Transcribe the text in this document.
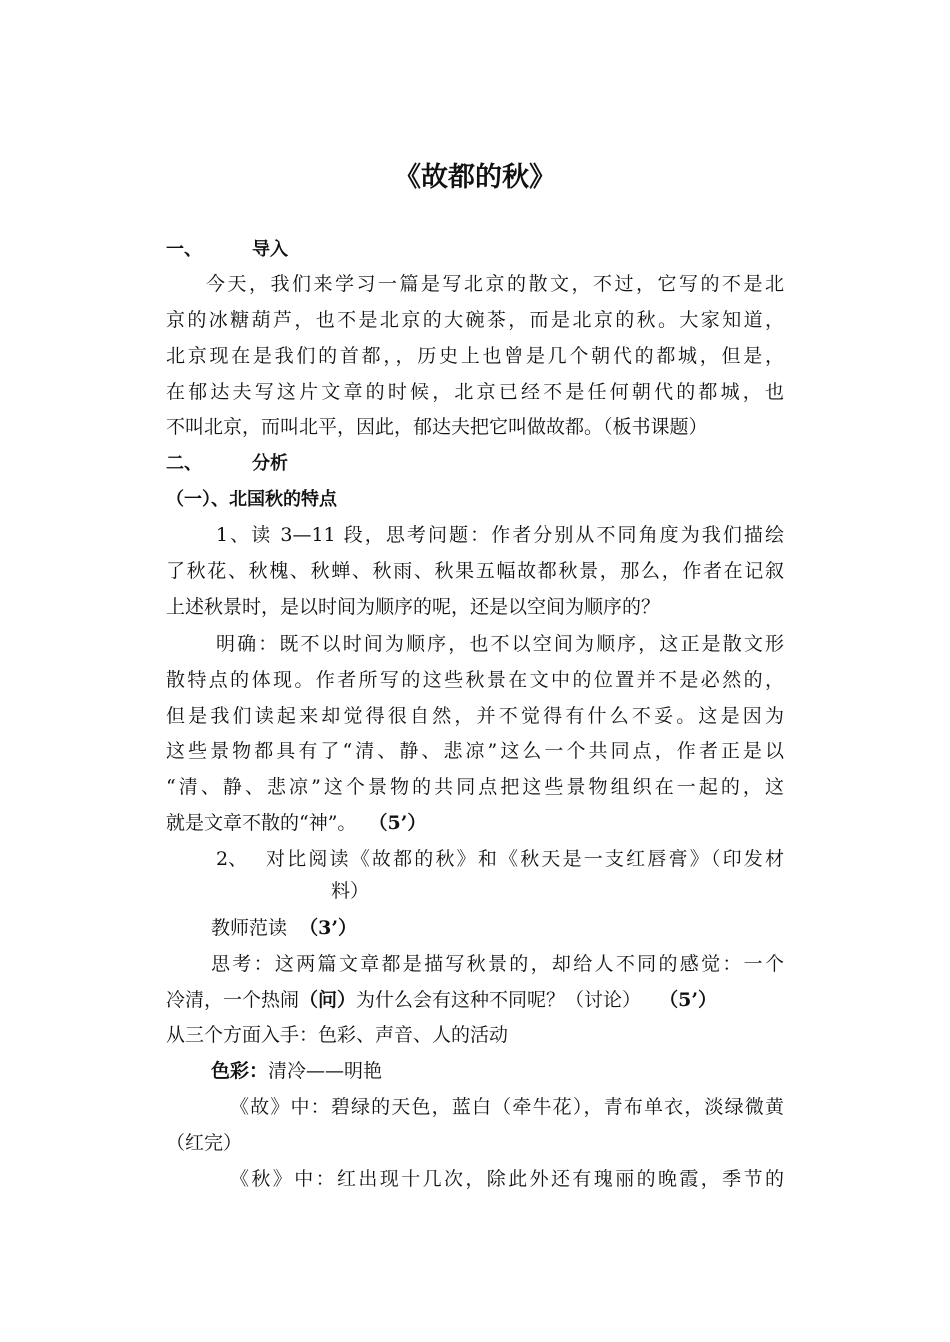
《故都的秋》
一、	导入
今天，我们来学习一篇是写北京的散文，不过，它写的不是北
京的冰糖葫芦，也不是北京的大碗茶，而是北京的秋。大家知道，
北京现在是我们的首都，，历史上也曾是几个朝代的都城，但是，
在郁达夫写这片文章的时候，北京已经不是任何朝代的都城，也
不叫北京，而叫北平，因此，郁达夫把它叫做故都。（板书课题）
二、	分析
（一）、北国秋的特点
1、读 3—11 段，思考问题：作者分别从不同角度为我们描绘
了秋花、秋槐、秋蝉、秋雨、秋果五幅故都秋景，那么，作者在记叙
上述秋景时，是以时间为顺序的呢，还是以空间为顺序的？
明确：既不以时间为顺序，也不以空间为顺序，这正是散文形
散特点的体现。作者所写的这些秋景在文中的位置并不是必然的，
但是我们读起来却觉得很自然，并不觉得有什么不妥。这是因为
这些景物都具有了“清、静、悲凉”这么一个共同点，作者正是以
“清、静、悲凉”这个景物的共同点把这些景物组织在一起的，这
就是文章不散的“神”。 （5’）
2、 对比阅读《故都的秋》和《秋天是一支红唇膏》（印发材
料）
教师范读 （3’）
思考：这两篇文章都是描写秋景的，却给人不同的感觉：一个
冷清，一个热闹（问）为什么会有这种不同呢？（讨论） （5’）
从三个方面入手：色彩、声音、人的活动
色彩：清冷——明艳
《故》中：碧绿的天色，蓝白（牵牛花），青布单衣，淡绿微黄
（红完）
《秋》中：红出现十几次，除此外还有瑰丽的晚霞，季节的
